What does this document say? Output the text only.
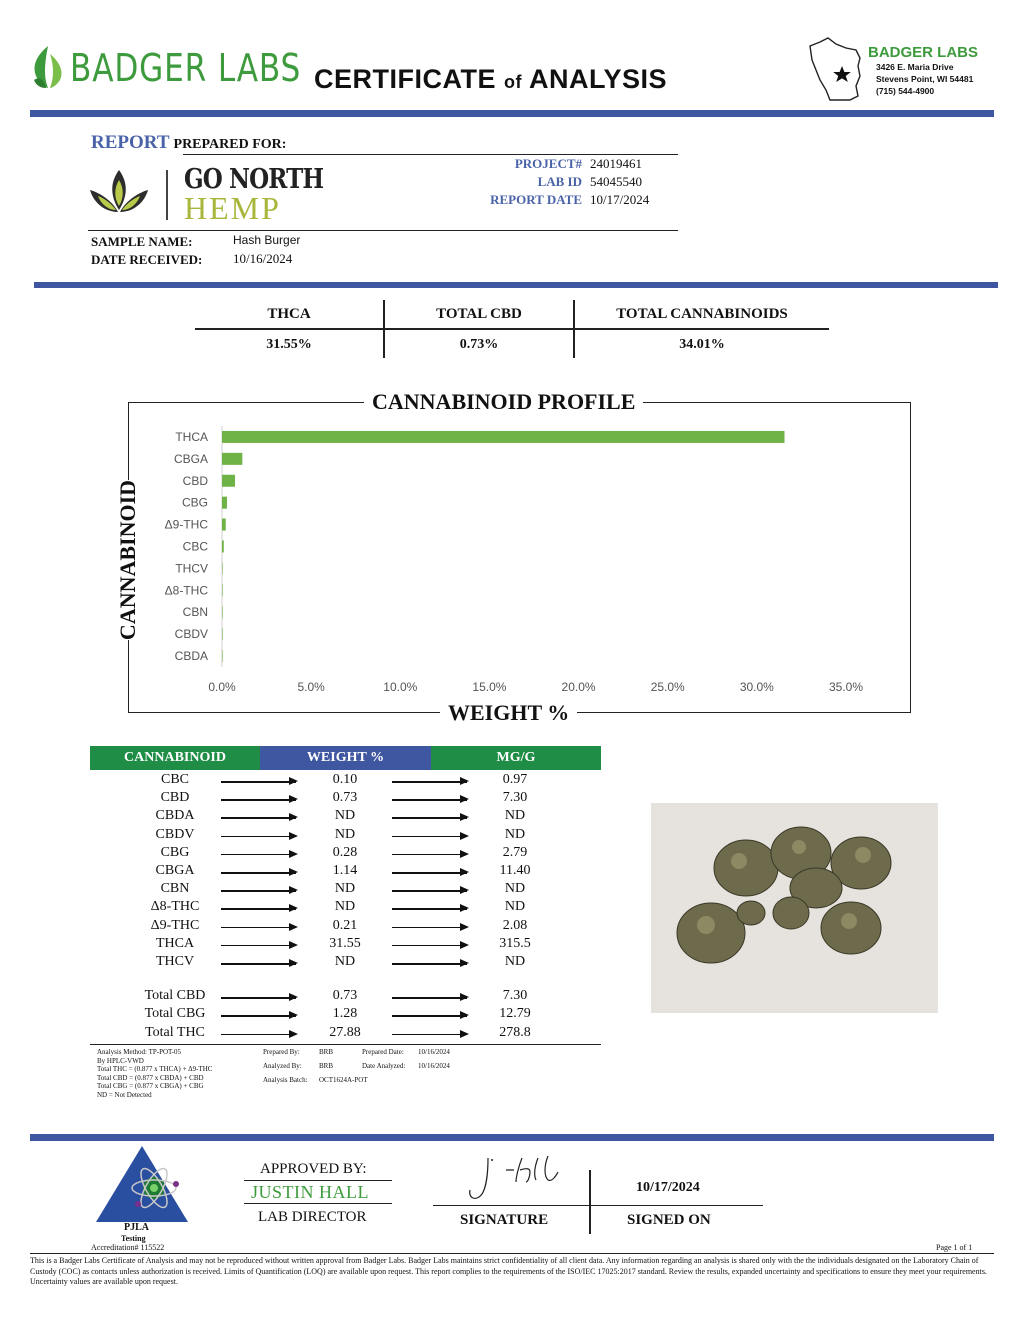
BADGER LABS CERTIFICATE of ANALYSIS
BADGER LABS
3426 E. Maria Drive
Stevens Point, WI 54481
(715) 544-4900
REPORT PREPARED FOR:
GO NORTH
HEMP
PROJECT# 24019461
LAB ID 54045540
REPORT DATE 10/17/2024
SAMPLE NAME:	Hash Burger
DATE RECEIVED: 10/16/2024
THCA	TOTAL CBD	TOTAL CANNABINOIDS
31.55%	0.73%	34.01%
CANNABINOID PROFILE
WEIGHT %
CANNABINOID
THCA
CBGA
CBD
CBG
Δ9-THC
CBC
THCV
Δ8-THC
CBN
CBDV
CBDA
0.0%	5.0%	10.0%	15.0%	20.0%	25.0%	30.0%	35.0%
CANNABINOID	WEIGHT %	MG/G
CBC	0.10	0.97
CBD	0.73	7.30
CBDA	ND	ND
CBDV	ND	ND
CBG	0.28	2.79
CBGA	1.14	11.40
CBN	ND	ND
Δ8-THC	ND	ND
Δ9-THC	0.21	2.08
THCA	31.55	315.5
THCV	ND	ND
Total CBD	0.73	7.30
Total CBG	1.28	12.79
Total THC	27.88	278.8
Analysis Method: TP-POT-05
By HPLC-VWD
Total THC = (0.877 x THCA) + Δ9-THC
Total CBD = (0.877 x CBDA) + CBD
Total CBG = (0.877 x CBGA) + CBG
ND = Not Detected
Prepared By:	BRB	Prepared Date: 10/16/2024
Analyzed By: BRB	Date Analyzed: 10/16/2024
Analysis Batch: OCT1624A-POT
PJLA
Testing
Accreditation# 115522
APPROVED BY:
JUSTIN HALL
LAB DIRECTOR	SIGNATURE
10/17/2024
SIGNED ON
Page 1 of 1
This is a Badger Labs Certificate of Analysis and may not be reproduced without written approval from Badger Labs. Badger Labs maintains strict confidentiality of all client data. Any information regarding an analysis is shared only with the the individuals designated on the Laboratory Chain of Custody (COC) as contacts unless authorization is received. Limits of Quantification (LOQ) are available upon request. This report complies to the requirements of the ISO/IEC 17025:2017 standard. Review the results, expanded uncertainty and specifications to ensure they meet your requirements. Uncertainty values are available upon request.
